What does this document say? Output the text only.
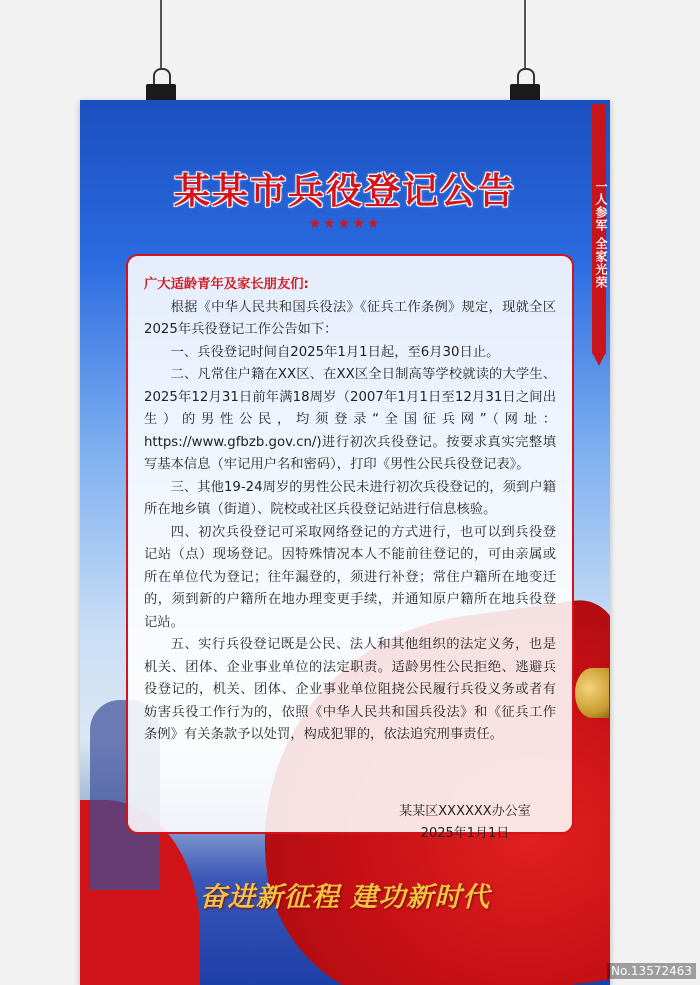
一人参军 全家光荣
某某市兵役登记公告
★★★★★

广大适龄青年及家长朋友们:

根据《中华人民共和国兵役法》《征兵工作条例》规定，现就全区2025年兵役登记工作公告如下：

一、兵役登记时间自2025年1月1日起，至6月30日止。

二、凡常住户籍在XX区、在XX区全日制高等学校就读的大学生、2025年12月31日前年满18周岁（2007年1月1日至12月31日之间出生）的男性公民，均须登录“全国征兵网”（网址：https://www.gfbzb.gov.cn/)进行初次兵役登记。按要求真实完整填写基本信息（牢记用户名和密码），打印《男性公民兵役登记表》。

三、其他19-24周岁的男性公民未进行初次兵役登记的，须到户籍所在地乡镇（街道）、院校或社区兵役登记站进行信息核验。

四、初次兵役登记可采取网络登记的方式进行，也可以到兵役登记站（点）现场登记。因特殊情况本人不能前往登记的，可由亲属或所在单位代为登记；往年漏登的，须进行补登；常住户籍所在地变迁的，须到新的户籍所在地办理变更手续，并通知原户籍所在地兵役登记站。

五、实行兵役登记既是公民、法人和其他组织的法定义务，也是机关、团体、企业事业单位的法定职责。适龄男性公民拒绝、逃避兵役登记的，机关、团体、企业事业单位阻挠公民履行兵役义务或者有妨害兵役工作行为的，依照《中华人民共和国兵役法》和《征兵工作条例》有关条款予以处罚，构成犯罪的，依法追究刑事责任。

某某区XXXXXX办公室
2025年1月1日
奋进新征程 建功新时代
No.13572463
